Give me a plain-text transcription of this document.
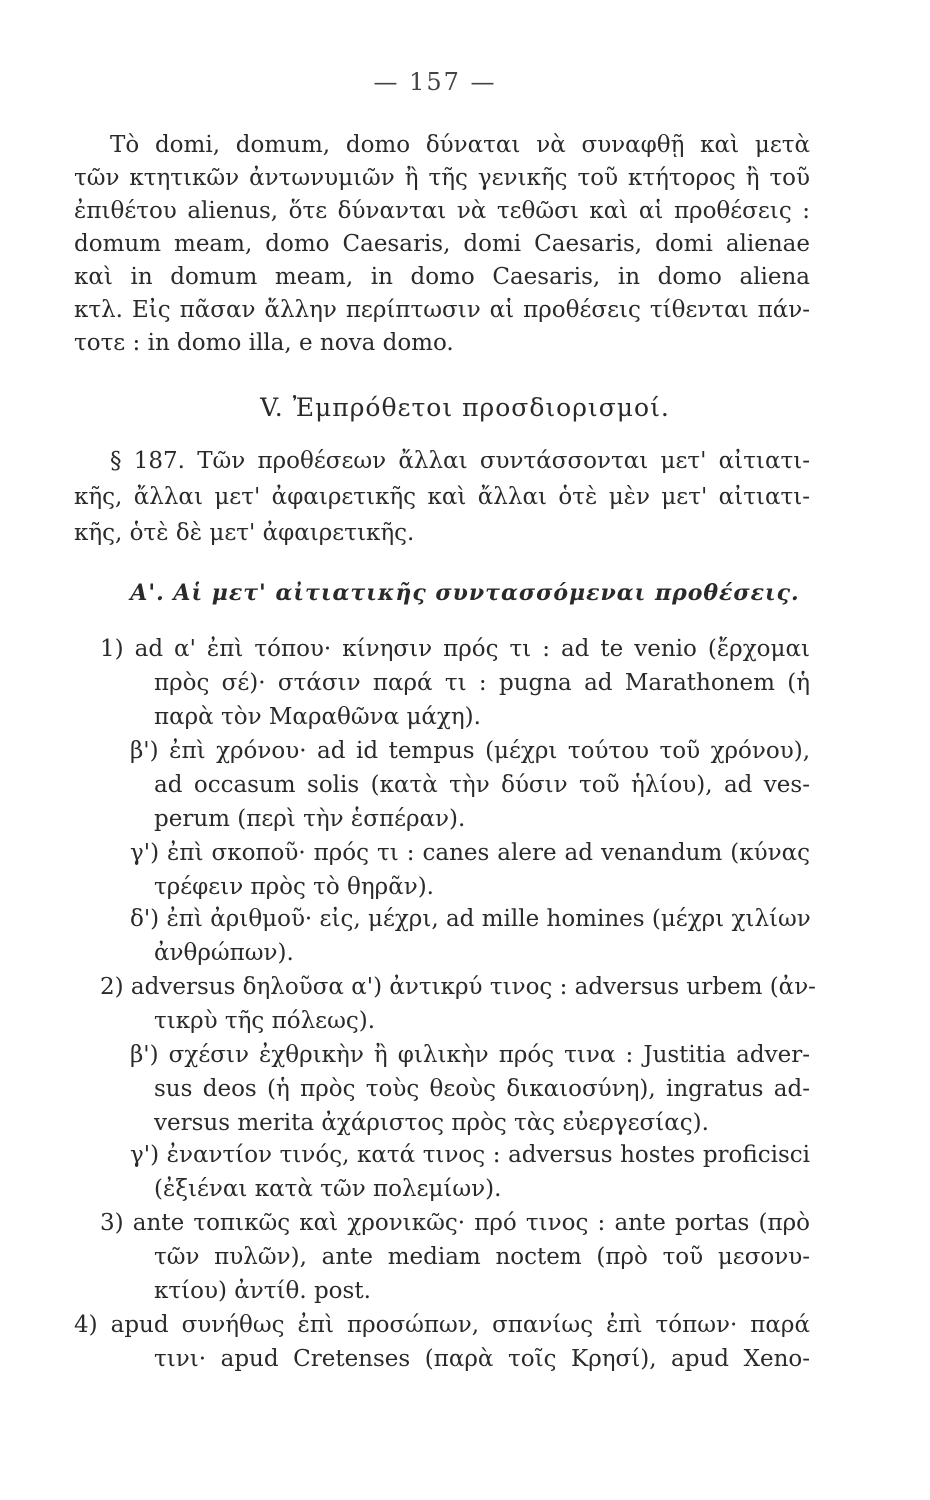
— 157 —
Τὸ domi, domum, domo δύναται νὰ συναφθῇ καὶ μετὰ
τῶν κτητικῶν ἀντωνυμιῶν ἢ τῆς γενικῆς τοῦ κτήτορος ἢ τοῦ
ἐπιθέτου alienus, ὅτε δύνανται νὰ τεθῶσι καὶ αἱ προθέσεις :
domum meam, domo Caesaris, domi Caesaris, domi alienae
καὶ in domum meam, in domo Caesaris, in domo aliena
κτλ. Εἰς πᾶσαν ἄλλην περίπτωσιν αἱ προθέσεις τίθενται πάν-
τοτε : in domo illa, e nova domo.
V. Ἐμπρόθετοι προσδιορισμοί.
§ 187. Τῶν προθέσεων ἄλλαι συντάσσονται μετ' αἰτιατι-
κῆς, ἄλλαι μετ' ἀφαιρετικῆς καὶ ἄλλαι ὁτὲ μὲν μετ' αἰτιατι-
κῆς, ὁτὲ δὲ μετ' ἀφαιρετικῆς.
Α'. Αἱ μετ' αἰτιατικῆς συντασσόμεναι προθέσεις.
1) ad α' ἐπὶ τόπου· κίνησιν πρός τι : ad te venio (ἔρχομαι
πρὸς σέ)· στάσιν παρά τι : pugna ad Marathonem (ἡ
παρὰ τὸν Μαραθῶνα μάχη).
β') ἐπὶ χρόνου· ad id tempus (μέχρι τούτου τοῦ χρόνου),
ad occasum solis (κατὰ τὴν δύσιν τοῦ ἡλίου), ad ves-
perum (περὶ τὴν ἑσπέραν).
γ') ἐπὶ σκοποῦ· πρός τι : canes alere ad venandum (κύνας
τρέφειν πρὸς τὸ θηρᾶν).
δ') ἐπὶ ἀριθμοῦ· εἰς, μέχρι, ad mille homines (μέχρι χιλίων
ἀνθρώπων).
2) adversus δηλοῦσα α') ἀντικρύ τινος : adversus urbem (ἀν-
τικρὺ τῆς πόλεως).
β') σχέσιν ἐχθρικὴν ἢ φιλικὴν πρός τινα : Justitia adver-
sus deos (ἡ πρὸς τοὺς θεοὺς δικαιοσύνη), ingratus ad-
versus merita ἀχάριστος πρὸς τὰς εὐεργεσίας).
γ') ἐναντίον τινός, κατά τινος : adversus hostes proficisci
(ἐξιέναι κατὰ τῶν πολεμίων).
3) ante τοπικῶς καὶ χρονικῶς· πρό τινος : ante portas (πρὸ
τῶν πυλῶν), ante mediam noctem (πρὸ τοῦ μεσονυ-
κτίου) ἀντίθ. post.
4) apud συνήθως ἐπὶ προσώπων, σπανίως ἐπὶ τόπων· παρά
τινι· apud Cretenses (παρὰ τοῖς Κρησί), apud Xeno-
